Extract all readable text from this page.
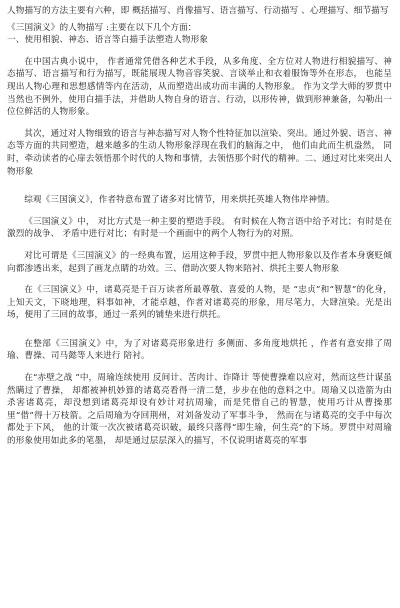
人物描写的方法主要有六种，即 概括描写、肖像描写、语言描写、行动描写 、心理描写、细节描写

《三国演义》的人物描写 :主要在以下几个方面：

一、使用相貌、神态、语言等白描手法塑造人物形象

在中国古典小说中， 作者通常凭借各种艺术手段，从多角度、全方位对人物进行相貌描写、神态描写、语言描写和行为描写，既能展现人物音容笑貌、言谈举止和衣着服饰等外在形态， 也能呈现出人物心理和思想感情等内在活动，从而塑造出成功而丰满的人物形象。 作为文学大师的罗贯中当然也不例外，使用白描手法，并借助人物自身的语言、行动，以形传神，做到形神兼备，勾勒出一位位鲜活的人物形象。

其次，通过对人物细致的语言与神态描写对人物个性特征加以渲染、突出。通过外貌、语言、神态等方面的共同塑造，越来越多的生动人物形象浮现在我们的脑海之中， 他们由此而生机盎然， 同时，牵动读者的心扉去领悟那个时代的人物和事情，去领悟那个时代的精神。二、通过对比来突出人物形象

综观《三国演义》，作者特意布置了诸多对比情节，用来烘托英雄人物伟岸神情。

《三国演义》中， 对比方式是一种主要的塑造手段。 有时候在人物言语中给予对比；有时是在激烈的战争、 矛盾中进行对比；有时是一个画面中的两个人物行为的对照。

对比可谓是《三国演义》的一经典布置，运用这种手段，罗贯中把人物形象以及作者本身褒贬倾向都渗透出来，起到了画龙点睛的功效。三、借助次要人物来陪衬、烘托主要人物形象

在《三国演义》中，诸葛亮是千百万读者所最尊敬、喜爱的人物，是 “忠贞”和“智慧”的化身，上知天文，下晓地理，料事如神，才能卓越，作者对诸葛亮的形象，用尽笔力，大肆渲染。光是出场，便用了三回的故事，通过一系列的铺垫来进行烘托。

在整部《三国演义》中，为了对诸葛亮形象进行 多侧面、多角度地烘托 ，作者有意安排了周瑜、曹操、司马懿等人来进行 陪衬。

在“赤壁之战 ”中，周瑜连续使用 反间计、苦肉计、诈降计 等使曹操难以应对，然而这些计谋虽然瞒过了曹操， 却都被神机妙算的诸葛亮看得一清二楚，步步在他的意料之中。周瑜又以造箭为由杀害诸葛亮，却没想到诸葛亮却设有妙计对抗周瑜，而是凭借自己的智慧，使用巧计从曹操那里“借”得十万枝箭。之后周瑜为夺回荆州，对刘备发动了军事斗争， 然而在与诸葛亮的交手中每次都处于下风， 他的计策一次次被诸葛亮识破，最终只落得“即生瑜，何生亮”的下场。罗贯中对周瑜的形象使用如此多的笔墨， 却是通过层层深入的描写，不仅说明诸葛亮的军事
